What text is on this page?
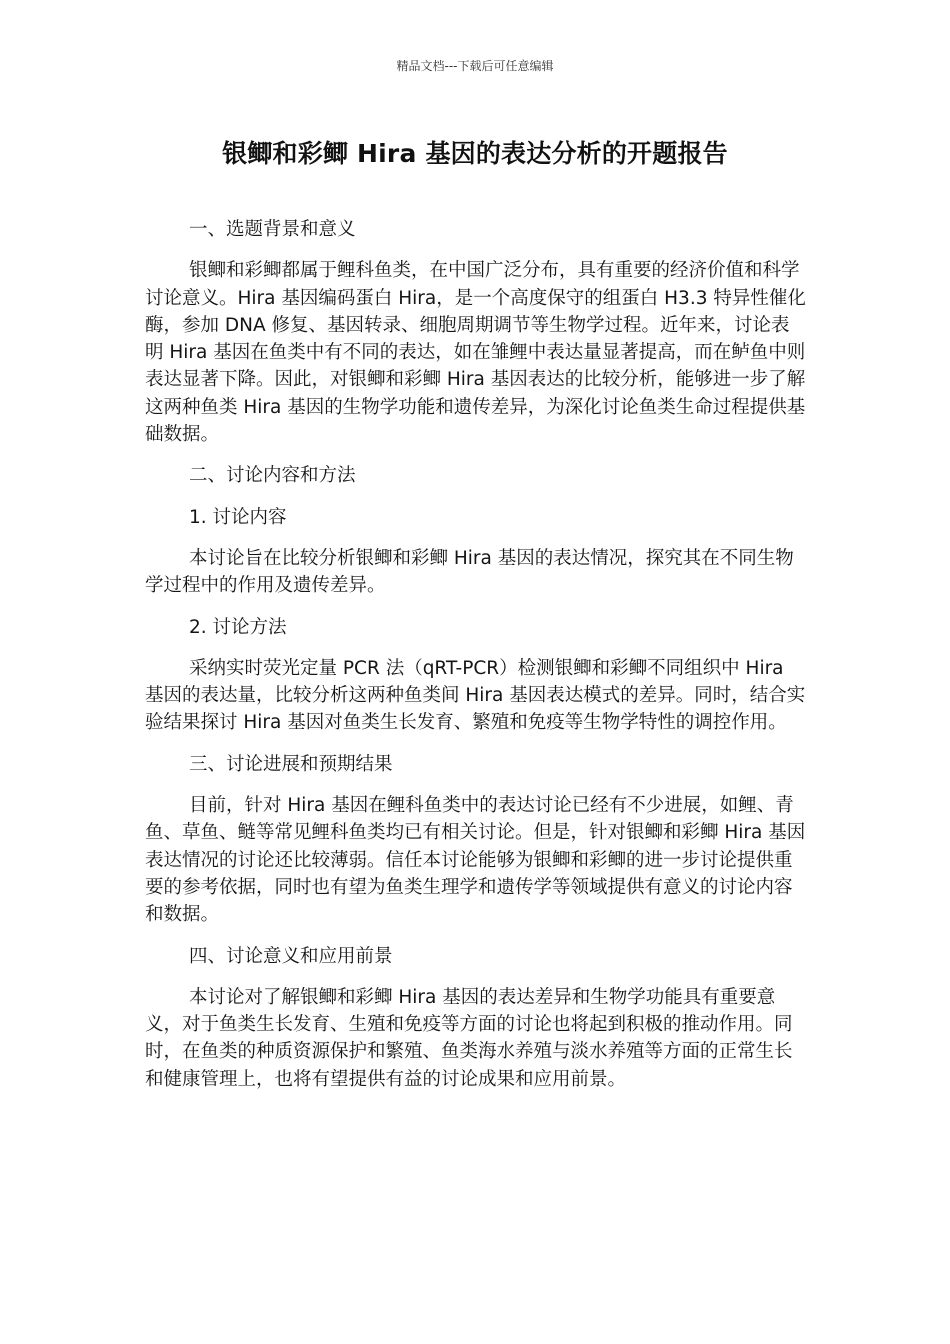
精品文档---下载后可任意编辑
银鲫和彩鲫 Hira 基因的表达分析的开题报告

一、选题背景和意义

银鲫和彩鲫都属于鲤科鱼类，在中国广泛分布，具有重要的经济价值和科学讨论意义。Hira 基因编码蛋白 Hira，是一个高度保守的组蛋白 H3.3 特异性催化酶，参加 DNA 修复、基因转录、细胞周期调节等生物学过程。近年来，讨论表明 Hira 基因在鱼类中有不同的表达，如在雏鲤中表达量显著提高，而在鲈鱼中则表达显著下降。因此，对银鲫和彩鲫 Hira 基因表达的比较分析，能够进一步了解这两种鱼类 Hira 基因的生物学功能和遗传差异，为深化讨论鱼类生命过程提供基础数据。

二、讨论内容和方法

1. 讨论内容

本讨论旨在比较分析银鲫和彩鲫 Hira 基因的表达情况，探究其在不同生物学过程中的作用及遗传差异。

2. 讨论方法

采纳实时荧光定量 PCR 法（qRT-PCR）检测银鲫和彩鲫不同组织中 Hira 基因的表达量，比较分析这两种鱼类间 Hira 基因表达模式的差异。同时，结合实验结果探讨 Hira 基因对鱼类生长发育、繁殖和免疫等生物学特性的调控作用。

三、讨论进展和预期结果

目前，针对 Hira 基因在鲤科鱼类中的表达讨论已经有不少进展，如鲤、青鱼、草鱼、鲢等常见鲤科鱼类均已有相关讨论。但是，针对银鲫和彩鲫 Hira 基因表达情况的讨论还比较薄弱。信任本讨论能够为银鲫和彩鲫的进一步讨论提供重要的参考依据，同时也有望为鱼类生理学和遗传学等领域提供有意义的讨论内容和数据。

四、讨论意义和应用前景

本讨论对了解银鲫和彩鲫 Hira 基因的表达差异和生物学功能具有重要意义，对于鱼类生长发育、生殖和免疫等方面的讨论也将起到积极的推动作用。同时，在鱼类的种质资源保护和繁殖、鱼类海水养殖与淡水养殖等方面的正常生长和健康管理上，也将有望提供有益的讨论成果和应用前景。
